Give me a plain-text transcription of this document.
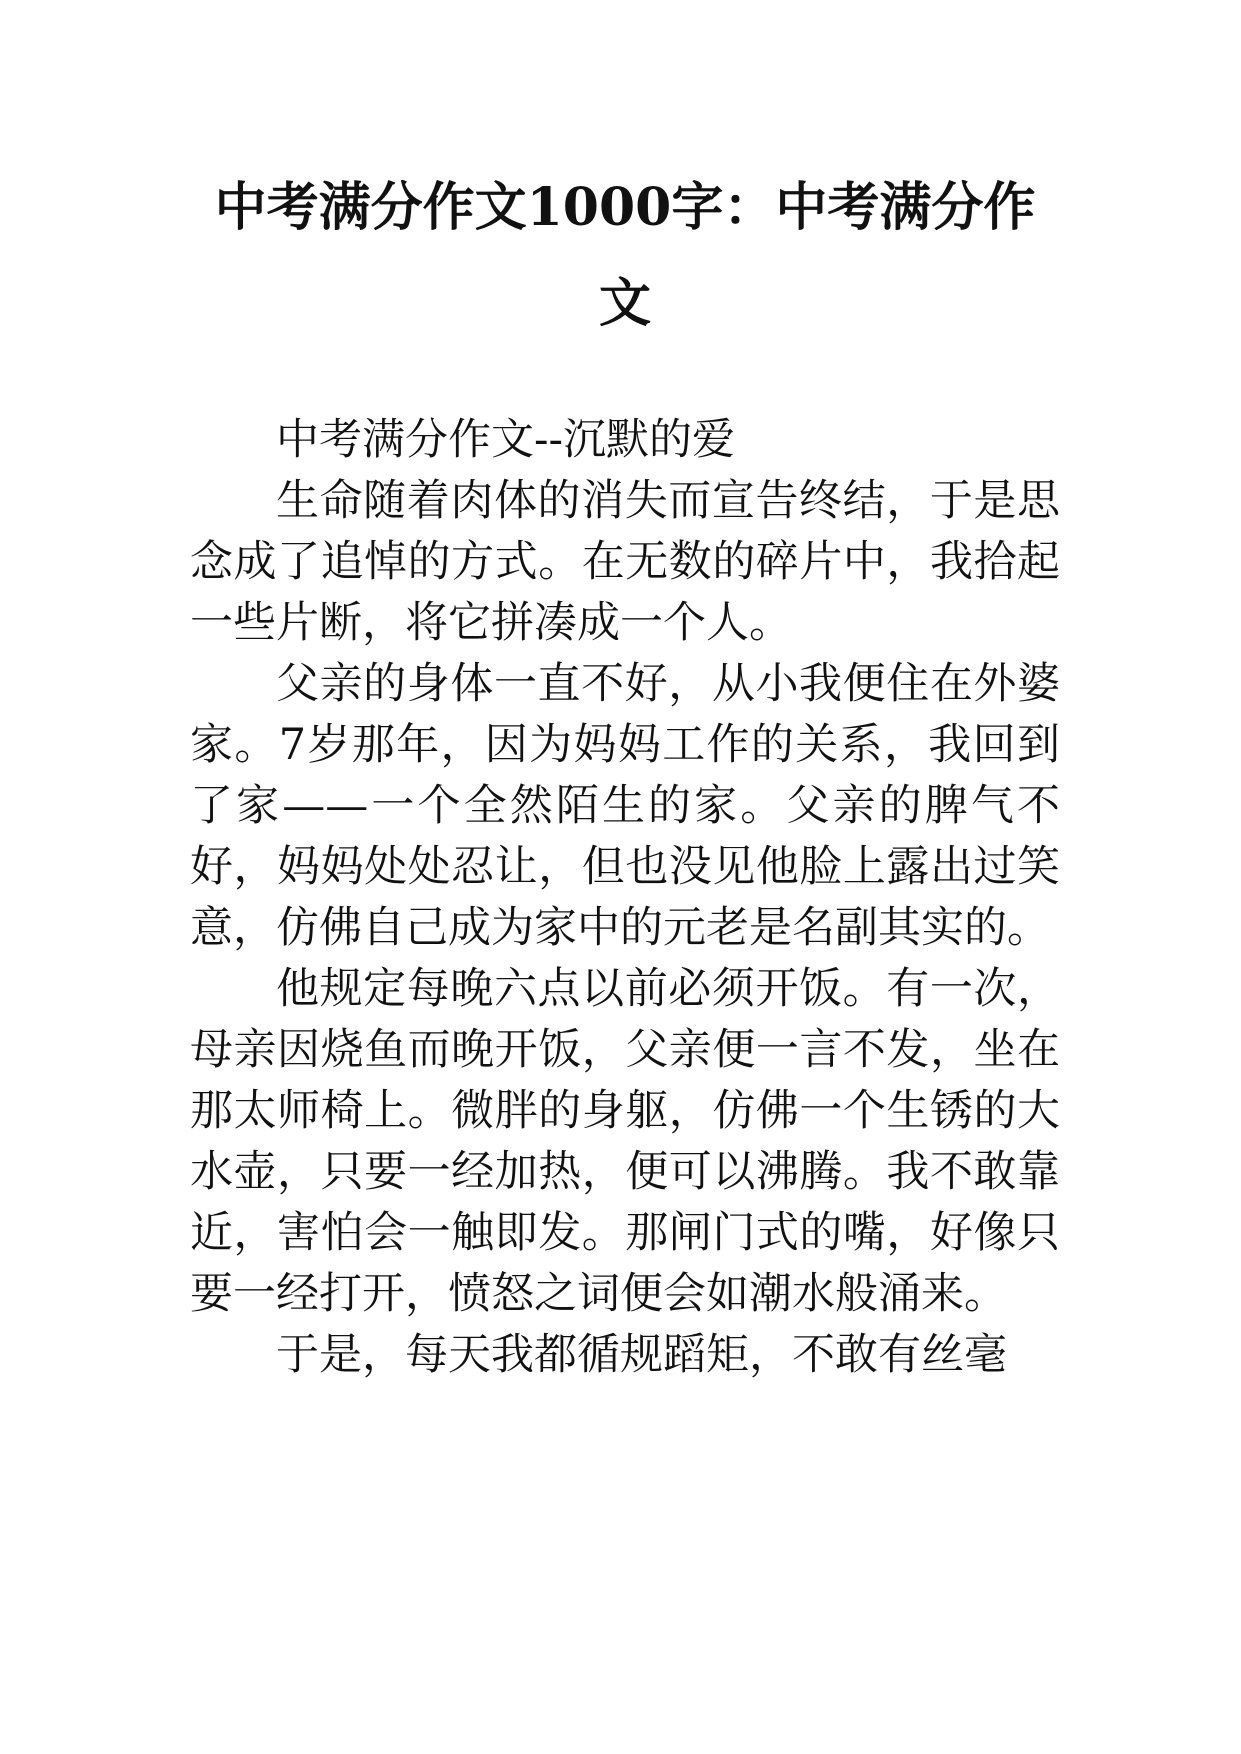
中考满分作文1000字：中考满分作文

中考满分作文--沉默的爱

生命随着肉体的消失而宣告终结，于是思念成了追悼的方式。在无数的碎片中，我拾起一些片断，将它拼凑成一个人。

父亲的身体一直不好，从小我便住在外婆家。7岁那年，因为妈妈工作的关系，我回到了家——一个全然陌生的家。父亲的脾气不好，妈妈处处忍让，但也没见他脸上露出过笑意，仿佛自己成为家中的元老是名副其实的。

他规定每晚六点以前必须开饭。有一次，母亲因烧鱼而晚开饭，父亲便一言不发，坐在那太师椅上。微胖的身躯，仿佛一个生锈的大水壶，只要一经加热，便可以沸腾。我不敢靠近，害怕会一触即发。那闸门式的嘴，好像只要一经打开，愤怒之词便会如潮水般涌来。

于是，每天我都循规蹈矩，不敢有丝毫
